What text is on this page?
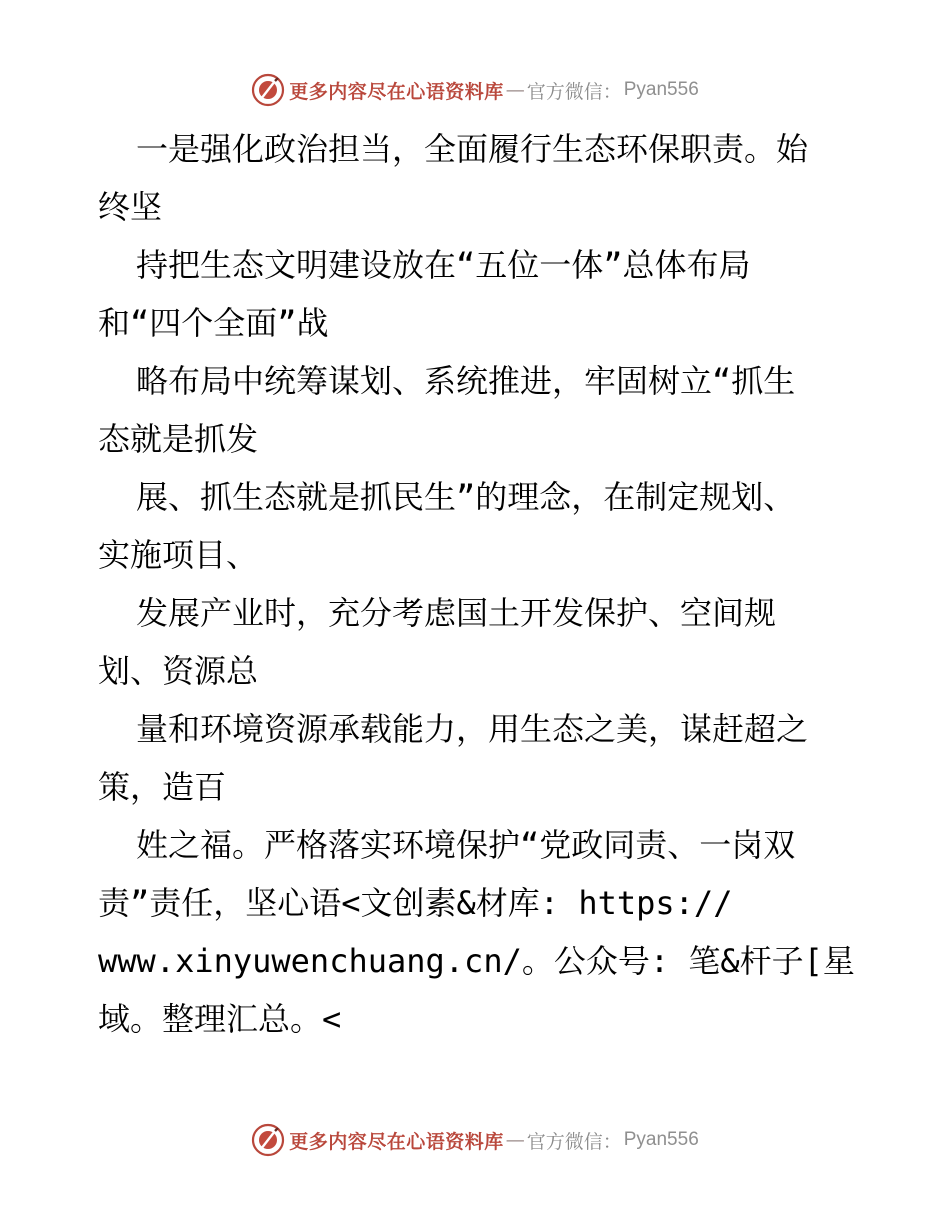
更多内容尽在心语资料库 — 官方微信： Pyan556
一是强化政治担当，全面履行生态环保职责。始
终坚
持把生态文明建设放在“五位一体”总体布局
和“四个全面”战
略布局中统筹谋划、系统推进，牢固树立“抓生
态就是抓发
展、抓生态就是抓民生”的理念，在制定规划、
实施项目、
发展产业时，充分考虑国土开发保护、空间规
划、资源总
量和环境资源承载能力，用生态之美，谋赶超之
策，造百
姓之福。严格落实环境保护“党政同责、一岗双
责”责任，坚心语<文创素&材库: https://
www.xinyuwenchuang.cn/。公众号: 笔&杆子[星
域。整理汇总。<
更多内容尽在心语资料库 — 官方微信： Pyan556
